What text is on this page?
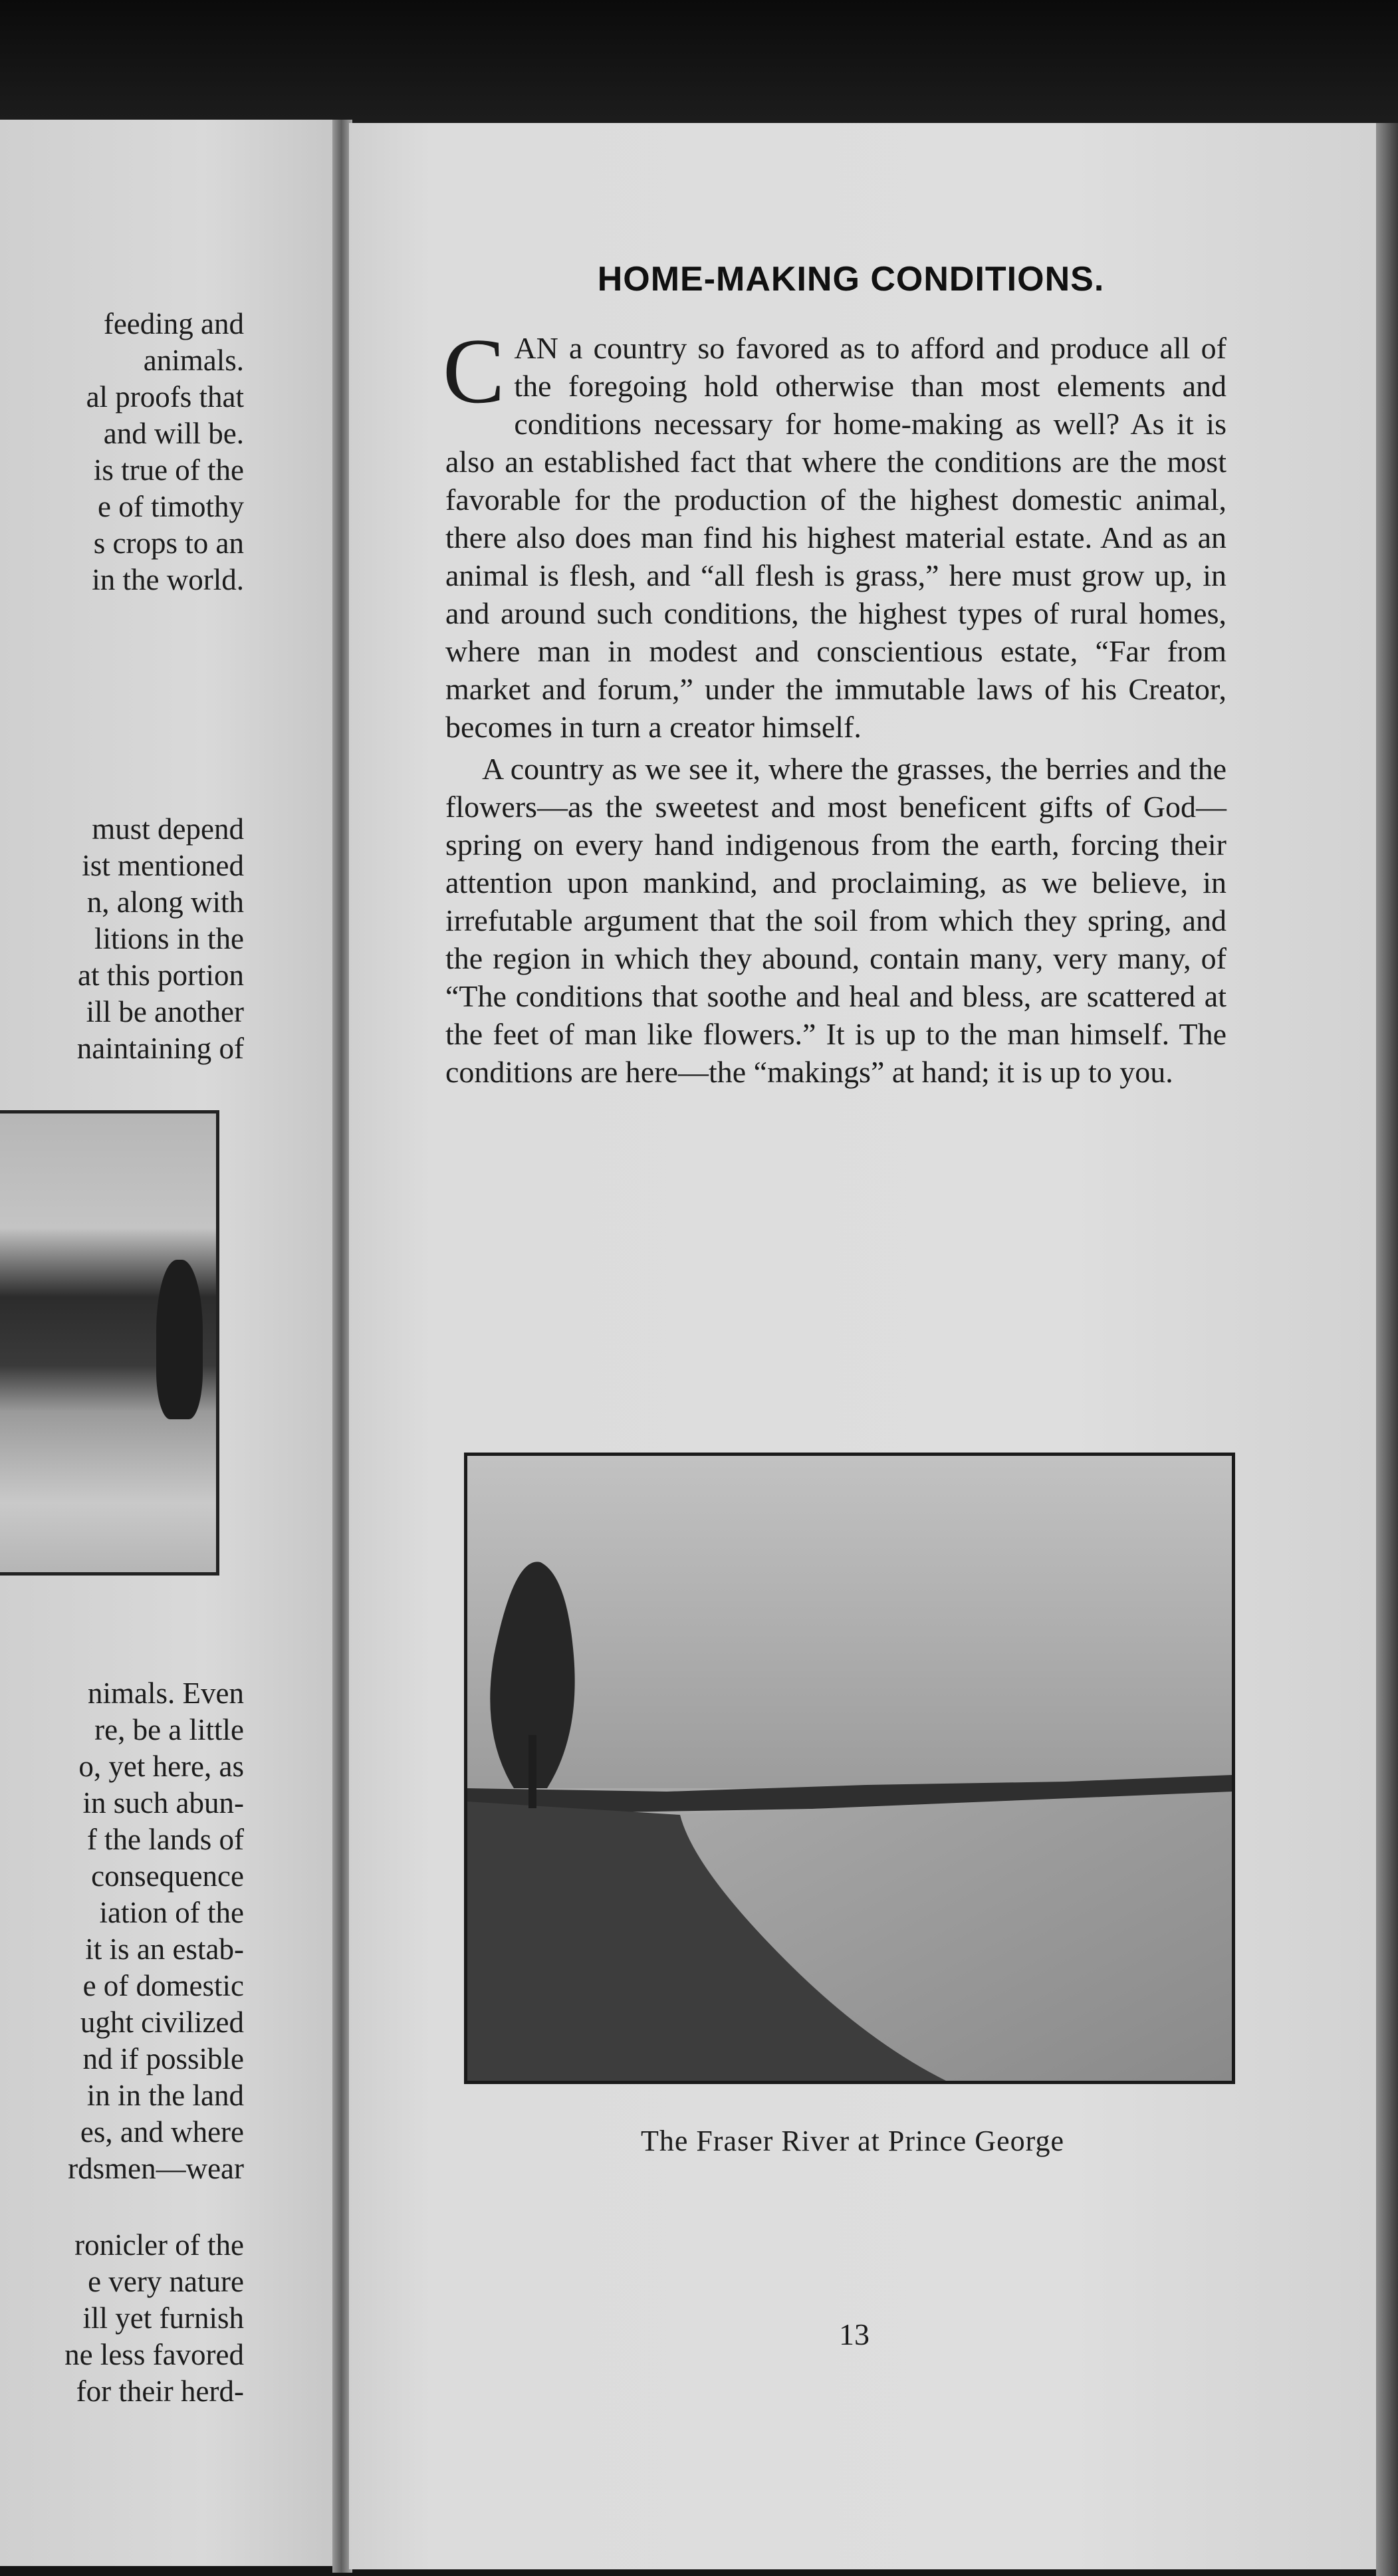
feeding and
animals.
al proofs that
and will be.
is true of the
e of timothy
s crops to an
in the world.
must depend
ist mentioned
n, along with
litions in the
at this portion
ill be another
naintaining of
nimals. Even
re, be a little
o, yet here, as
in such abun-
f the lands of
consequence
iation of the
it is an estab-
e of domestic
ught civilized
nd if possible
in in the land
es, and where
rdsmen—wear
ronicler of the
e very nature
ill yet furnish
ne less favored
for their herd-
HOME-MAKING CONDITIONS.

CAN a country so favored as to afford and produce all of the foregoing hold otherwise than most elements and conditions necessary for home-making as well? As it is also an established fact that where the conditions are the most favorable for the production of the highest domestic animal, there also does man find his highest material estate. And as an animal is flesh, and “all flesh is grass,” here must grow up, in and around such conditions, the highest types of rural homes, where man in modest and conscientious estate, “Far from market and forum,” under the immutable laws of his Creator, becomes in turn a creator himself.

A country as we see it, where the grasses, the berries and the flowers—as the sweetest and most beneficent gifts of God—spring on every hand indigenous from the earth, forcing their attention upon mankind, and proclaiming, as we believe, in irrefutable argument that the soil from which they spring, and the region in which they abound, contain many, very many, of “The conditions that soothe and heal and bless, are scattered at the feet of man like flowers.” It is up to the man himself. The conditions are here—the “makings” at hand; it is up to you.

The Fraser River at Prince George
13
